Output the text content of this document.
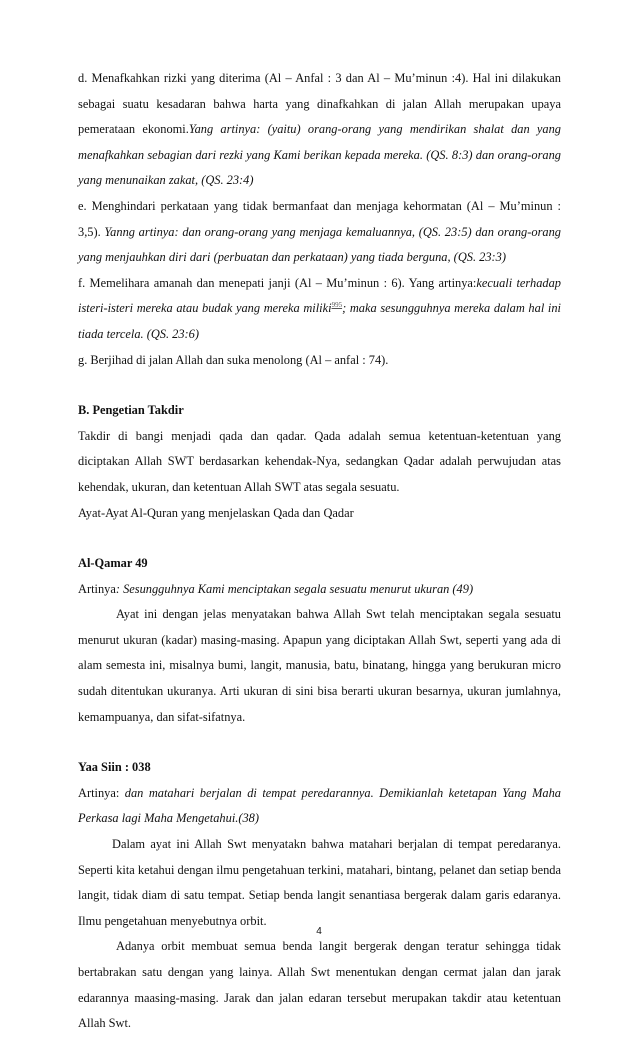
d. Menafkahkan rizki yang diterima (Al – Anfal : 3 dan Al – Mu’minun :4). Hal ini dilakukan sebagai suatu kesadaran bahwa harta yang dinafkahkan di jalan Allah merupakan upaya pemerataan ekonomi.Yang artinya: (yaitu) orang-orang yang mendirikan shalat dan yang menafkahkan sebagian dari rezki yang Kami berikan kepada mereka. (QS. 8:3) dan orang-orang yang menunaikan zakat, (QS. 23:4)

e. Menghindari perkataan yang tidak bermanfaat dan menjaga kehormatan (Al – Mu’minun : 3,5). Yanng artinya: dan orang-orang yang menjaga kemaluannya, (QS. 23:5) dan orang-orang yang menjauhkan diri dari (perbuatan dan perkataan) yang tiada berguna, (QS. 23:3)

f. Memelihara amanah dan menepati janji (Al – Mu’minun : 6). Yang artinya:kecuali terhadap isteri-isteri mereka atau budak yang mereka miliki$^{995}$; maka sesungguhnya mereka dalam hal ini tiada tercela. (QS. 23:6)

g. Berjihad di jalan Allah dan suka menolong (Al – anfal : 74).

B. Pengetian Takdir

Takdir di bangi menjadi qada dan qadar. Qada adalah semua ketentuan-ketentuan yang diciptakan Allah SWT berdasarkan kehendak-Nya, sedangkan Qadar adalah perwujudan atas kehendak, ukuran, dan ketentuan Allah SWT atas segala sesuatu.

Ayat-Ayat Al-Quran yang menjelaskan Qada dan Qadar

Al-Qamar 49

Artinya: Sesungguhnya Kami menciptakan segala sesuatu menurut ukuran (49)

Ayat ini dengan jelas menyatakan bahwa Allah Swt telah menciptakan segala sesuatu menurut ukuran (kadar) masing-masing. Apapun yang diciptakan Allah Swt, seperti yang ada di alam semesta ini, misalnya bumi, langit, manusia, batu, binatang, hingga yang berukuran micro sudah ditentukan ukuranya. Arti ukuran di sini bisa berarti ukuran besarnya, ukuran jumlahnya, kemampuanya, dan sifat-sifatnya.

Yaa Siin : 038

Artinya: dan matahari berjalan di tempat peredarannya. Demikianlah ketetapan Yang Maha Perkasa lagi Maha Mengetahui.(38)

Dalam ayat ini Allah Swt menyatakn bahwa matahari berjalan di tempat peredaranya. Seperti kita ketahui dengan ilmu pengetahuan terkini, matahari, bintang, pelanet dan setiap benda langit, tidak diam di satu tempat. Setiap benda langit senantiasa bergerak dalam garis edaranya. Ilmu pengetahuan menyebutnya orbit.

Adanya orbit membuat semua benda langit bergerak dengan teratur sehingga tidak bertabrakan satu dengan yang lainya. Allah Swt menentukan dengan cermat jalan dan jarak edarannya maasing-masing. Jarak dan jalan edaran tersebut merupakan takdir atau ketentuan Allah Swt.

4
